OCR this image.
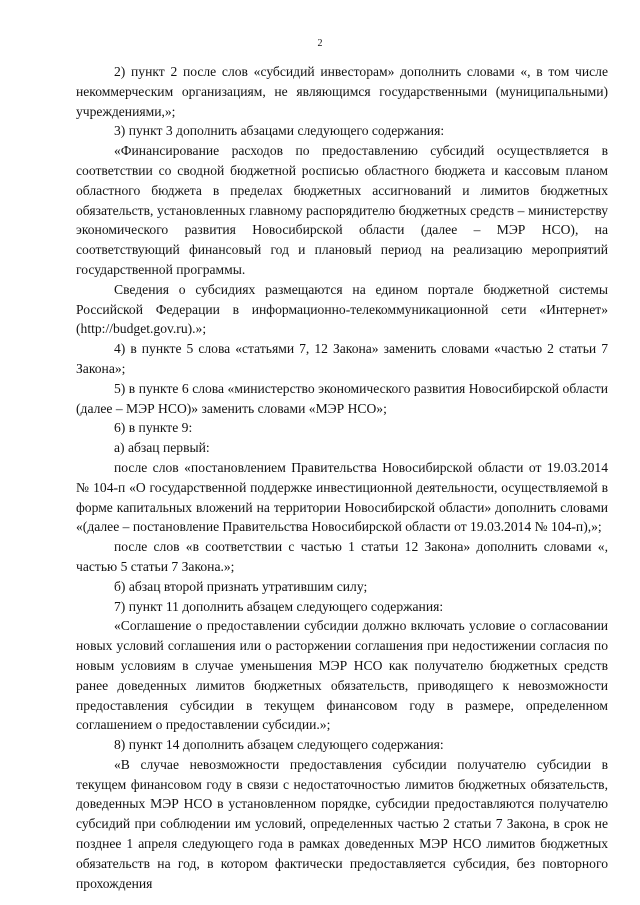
2

2) пункт 2 после слов «субсидий инвесторам» дополнить словами «, в том числе некоммерческим организациям, не являющимся государственными (муниципальными) учреждениями,»;

3) пункт 3 дополнить абзацами следующего содержания:

«Финансирование расходов по предоставлению субсидий осуществляется в соответствии со сводной бюджетной росписью областного бюджета и кассовым планом областного бюджета в пределах бюджетных ассигнований и лимитов бюджетных обязательств, установленных главному распорядителю бюджетных средств – министерству экономического развития Новосибирской области (далее – МЭР НСО), на соответствующий финансовый год и плановый период на реализацию мероприятий государственной программы.

Сведения о субсидиях размещаются на едином портале бюджетной системы Российской Федерации в информационно-телекоммуникационной сети «Интернет» (http://budget.gov.ru).»;

4) в пункте 5 слова «статьями 7, 12 Закона» заменить словами «частью 2 статьи 7 Закона»;

5) в пункте 6 слова «министерство экономического развития Новосибирской области (далее – МЭР НСО)» заменить словами «МЭР НСО»;

6) в пункте 9:

а) абзац первый:

после слов «постановлением Правительства Новосибирской области от 19.03.2014 № 104-п «О государственной поддержке инвестиционной деятельности, осуществляемой в форме капитальных вложений на территории Новосибирской области» дополнить словами «(далее – постановление Правительства Новосибирской области от 19.03.2014 № 104-п),»;

после слов «в соответствии с частью 1 статьи 12 Закона» дополнить словами «, частью 5 статьи 7 Закона.»;

б) абзац второй признать утратившим силу;

7) пункт 11 дополнить абзацем следующего содержания:

«Соглашение о предоставлении субсидии должно включать условие о согласовании новых условий соглашения или о расторжении соглашения при недостижении согласия по новым условиям в случае уменьшения МЭР НСО как получателю бюджетных средств ранее доведенных лимитов бюджетных обязательств, приводящего к невозможности предоставления субсидии в текущем финансовом году в размере, определенном соглашением о предоставлении субсидии.»;

8) пункт 14 дополнить абзацем следующего содержания:

«В случае невозможности предоставления субсидии получателю субсидии в текущем финансовом году в связи с недостаточностью лимитов бюджетных обязательств, доведенных МЭР НСО в установленном порядке, субсидии предоставляются получателю субсидий при соблюдении им условий, определенных частью 2 статьи 7 Закона, в срок не позднее 1 апреля следующего года в рамках доведенных МЭР НСО лимитов бюджетных обязательств на год, в котором фактически предоставляется субсидия, без повторного прохождения
